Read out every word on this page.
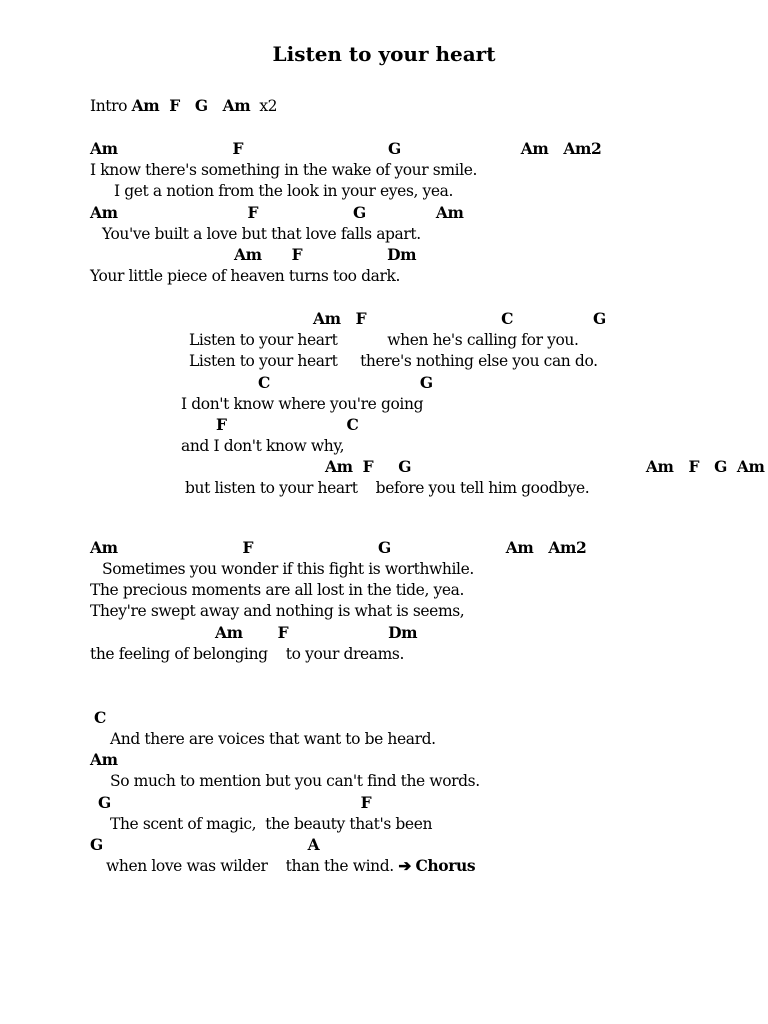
Listen to your heart
Intro Am  F   G   Am x2
Am                       F                             G                        Am   Am2
I know there's something in the wake of your smile.
I get a notion from the look in your eyes, yea.
Am                          F                   G              Am
You've built a love but that love falls apart.
Am      F                 Dm
Your little piece of heaven turns too dark.
Am   F                           C                G
Listen to your heart           when he's calling for you.
Listen to your heart     there's nothing else you can do.
C                              G
I don't know where you're going
F                        C
and I don't know why,
Am  F     G                                               Am   F   G  Am
but listen to your heart    before you tell him goodbye.
Am                         F                         G                       Am   Am2
Sometimes you wonder if this fight is worthwhile.
The precious moments are all lost in the tide, yea.
They're swept away and nothing is what is seems,
Am       F                    Dm
the feeling of belonging    to your dreams.
C
And there are voices that want to be heard.
Am
So much to mention but you can't find the words.
G                                                  F
The scent of magic,  the beauty that's been
G                                         A
when love was wilder    than the wind. ➔ Chorus
